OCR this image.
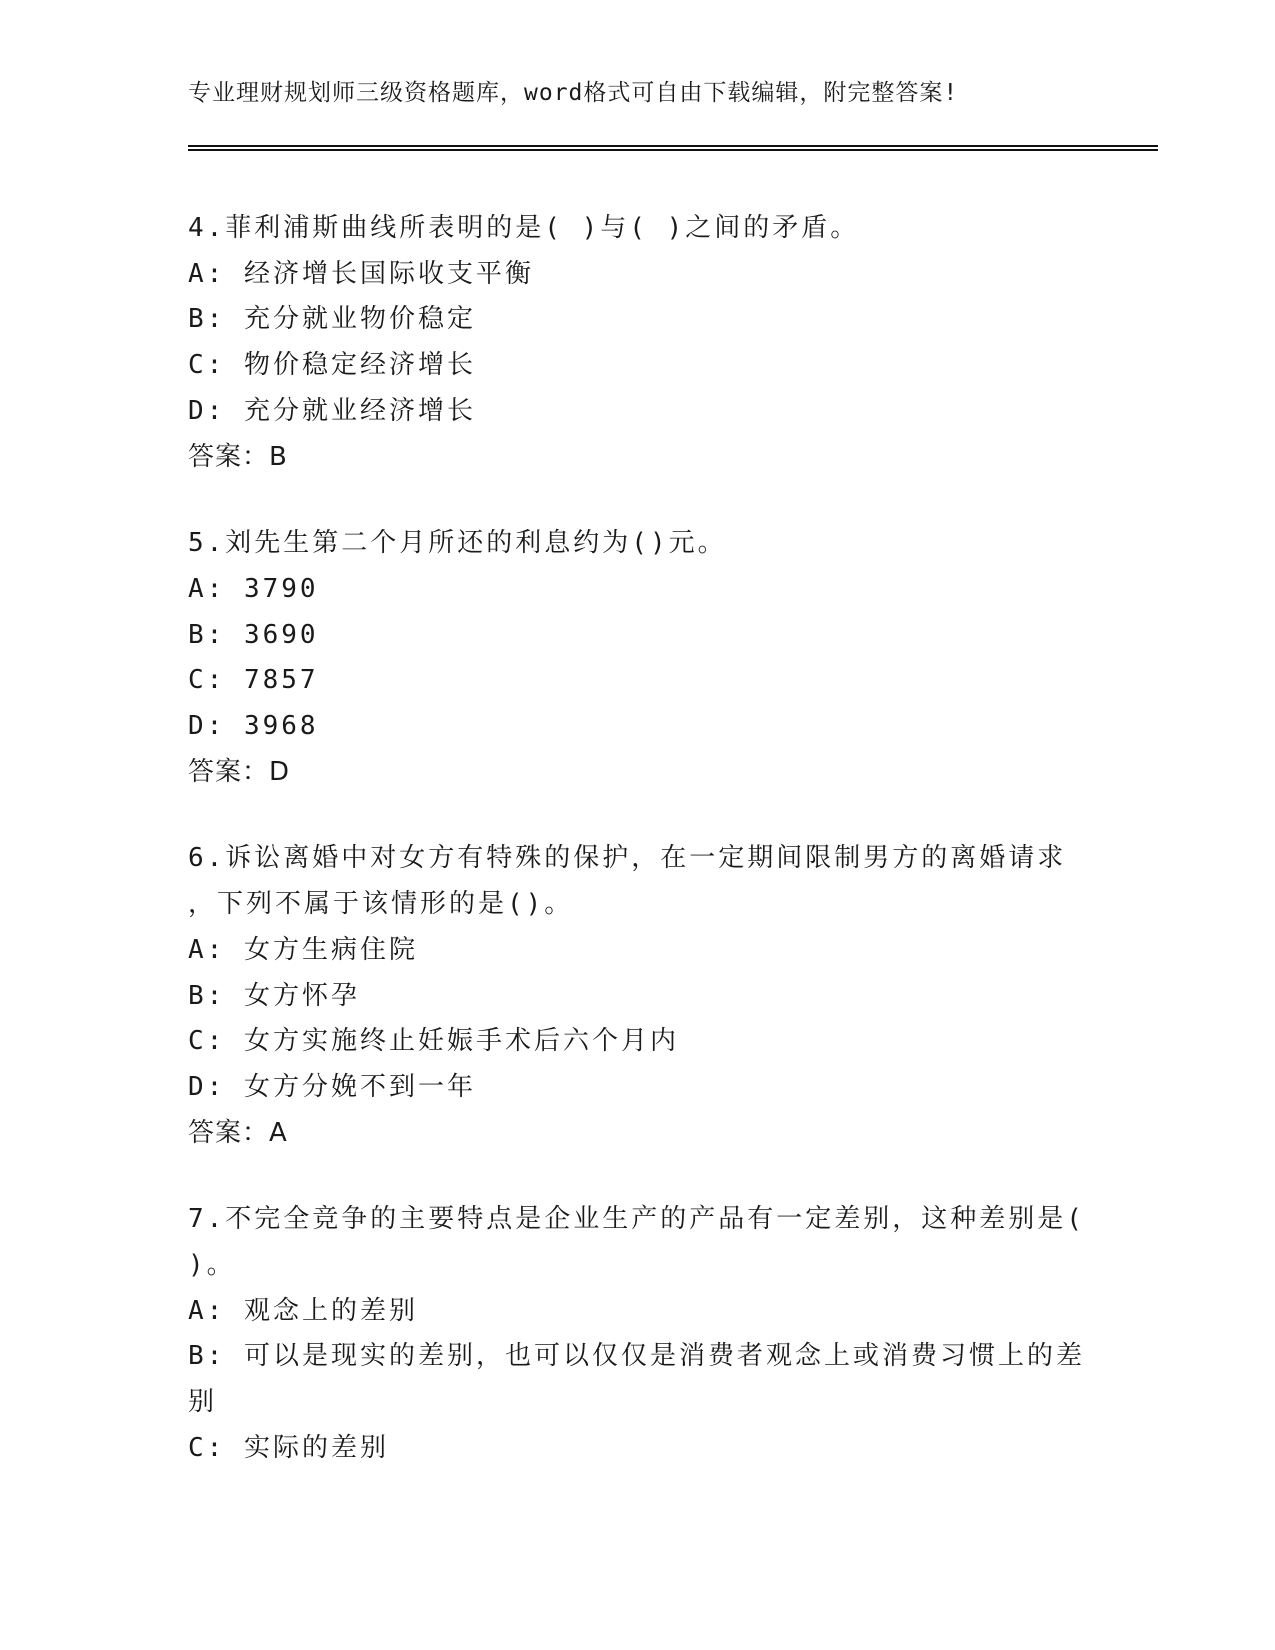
专业理财规划师三级资格题库，word格式可自由下载编辑，附完整答案!
4.菲利浦斯曲线所表明的是( )与( )之间的矛盾。
A: 经济增长国际收支平衡
B: 充分就业物价稳定
C: 物价稳定经济增长
D: 充分就业经济增长
答案：B
5.刘先生第二个月所还的利息约为()元。
A: 3790
B: 3690
C: 7857
D: 3968
答案：D
6.诉讼离婚中对女方有特殊的保护，在一定期间限制男方的离婚请求
，下列不属于该情形的是()。
A: 女方生病住院
B: 女方怀孕
C: 女方实施终止妊娠手术后六个月内
D: 女方分娩不到一年
答案：A
7.不完全竞争的主要特点是企业生产的产品有一定差别，这种差别是(
)。
A: 观念上的差别
B: 可以是现实的差别，也可以仅仅是消费者观念上或消费习惯上的差
别
C: 实际的差别
